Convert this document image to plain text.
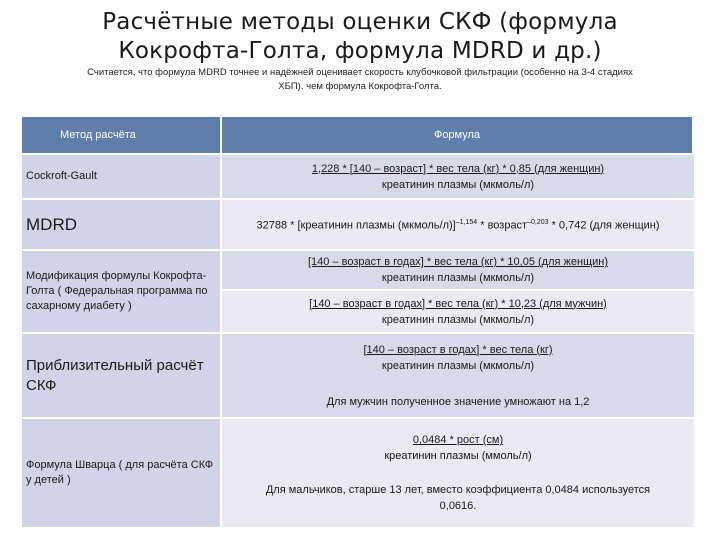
Расчётные методы оценки СКФ (формула
Кокрофта-Голта, формула MDRD и др.)
Считается, что формула MDRD точнее и надёжней оценивает скорость клубочковой фильтрации (особенно на 3-4 стадиях
ХБП), чем формула Кокрофта-Голта.
Метод расчёта	Формула
Cockroft-Gault	1,228 * [140 – возраст] * вес тела (кг) * 0,85 (для женщин)
креатинин плазмы (мкмоль/л)
MDRD	32788 * [креатинин плазмы (мкмоль/л)]$^{-1,154}$ * возраст$^{-0,203}$ * 0,742 (для женщин)
Модификация формулы Кокрофта-Голта ( Федеральная программа по сахарному диабету )	[140 – возраст в годах] * вес тела (кг) * 10,05 (для женщин)
креатинин плазмы (мкмоль/л)
	[140 – возраст в годах] * вес тела (кг) * 10,23 (для мужчин)
креатинин плазмы (мкмоль/л)
Приблизительный расчёт СКФ	[140 – возраст в годах] * вес тела (кг)
креатинин плазмы (мкмоль/л)
Для мужчин полученное значение умножают на 1,2

Формула Шварца ( для расчёта СКФ у детей )	0,0484 * рост (см)
креатинин плазмы (ммоль/л)
Для мальчиков, старше 13 лет, вместо коэффициента 0,0484 используется
0,0616.
